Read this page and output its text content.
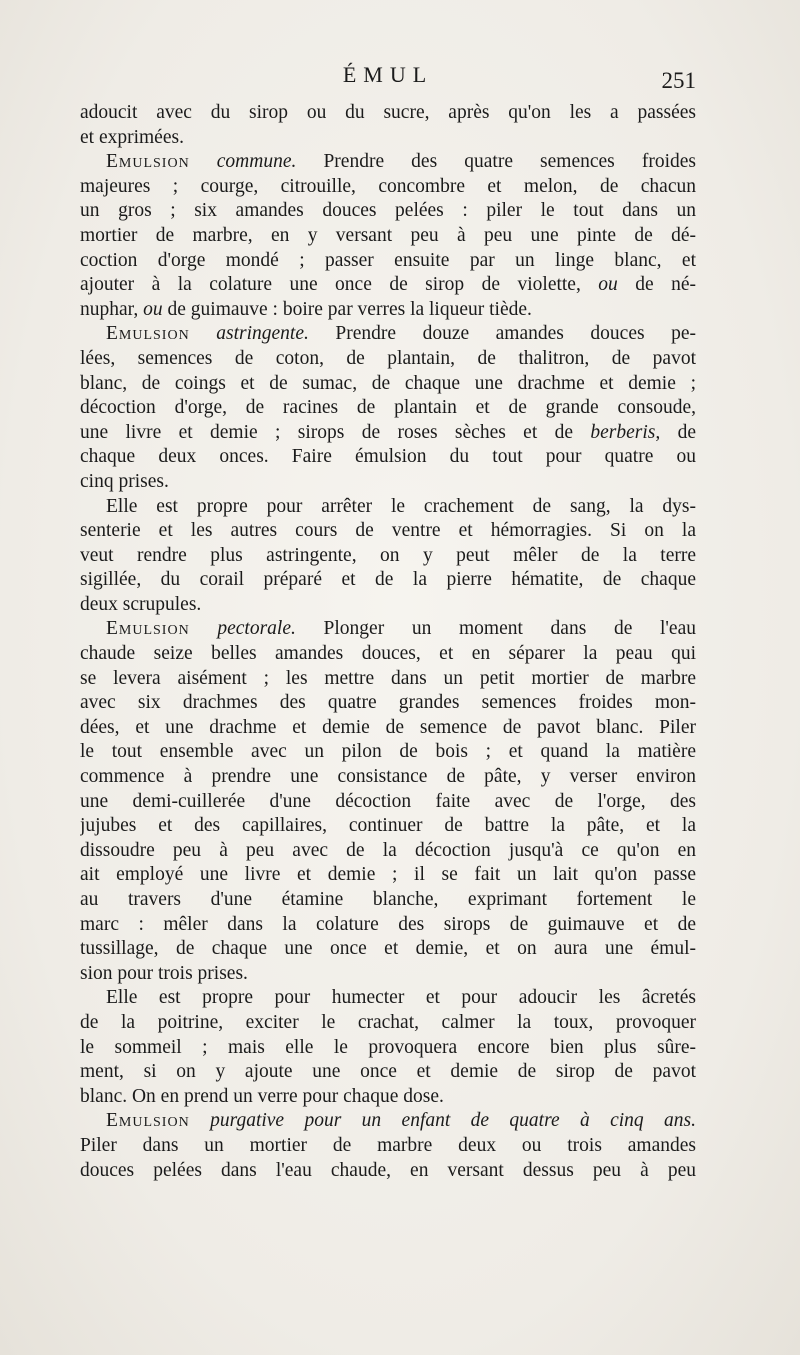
ÉMUL	251
adoucit avec du sirop ou du sucre, après qu'on les a passées
et exprimées.
Emulsion commune. Prendre des quatre semences froides
majeures ; courge, citrouille, concombre et melon, de chacun
un gros ; six amandes douces pelées : piler le tout dans un
mortier de marbre, en y versant peu à peu une pinte de dé-
coction d'orge mondé ; passer ensuite par un linge blanc, et
ajouter à la colature une once de sirop de violette, ou de né-
nuphar, ou de guimauve : boire par verres la liqueur tiède.
Emulsion astringente. Prendre douze amandes douces pe-
lées, semences de coton, de plantain, de thalitron, de pavot
blanc, de coings et de sumac, de chaque une drachme et demie ;
décoction d'orge, de racines de plantain et de grande consoude,
une livre et demie ; sirops de roses sèches et de berberis, de
chaque deux onces. Faire émulsion du tout pour quatre ou
cinq prises.
Elle est propre pour arrêter le crachement de sang, la dys-
senterie et les autres cours de ventre et hémorragies. Si on la
veut rendre plus astringente, on y peut mêler de la terre
sigillée, du corail préparé et de la pierre hématite, de chaque
deux scrupules.
Emulsion pectorale. Plonger un moment dans de l'eau
chaude seize belles amandes douces, et en séparer la peau qui
se levera aisément ; les mettre dans un petit mortier de marbre
avec six drachmes des quatre grandes semences froides mon-
dées, et une drachme et demie de semence de pavot blanc. Piler
le tout ensemble avec un pilon de bois ; et quand la matière
commence à prendre une consistance de pâte, y verser environ
une demi-cuillerée d'une décoction faite avec de l'orge, des
jujubes et des capillaires, continuer de battre la pâte, et la
dissoudre peu à peu avec de la décoction jusqu'à ce qu'on en
ait employé une livre et demie ; il se fait un lait qu'on passe
au travers d'une étamine blanche, exprimant fortement le
marc : mêler dans la colature des sirops de guimauve et de
tussillage, de chaque une once et demie, et on aura une émul-
sion pour trois prises.
Elle est propre pour humecter et pour adoucir les âcretés
de la poitrine, exciter le crachat, calmer la toux, provoquer
le sommeil ; mais elle le provoquera encore bien plus sûre-
ment, si on y ajoute une once et demie de sirop de pavot
blanc. On en prend un verre pour chaque dose.
Emulsion purgative pour un enfant de quatre à cinq ans.
Piler dans un mortier de marbre deux ou trois amandes
douces pelées dans l'eau chaude, en versant dessus peu à peu
